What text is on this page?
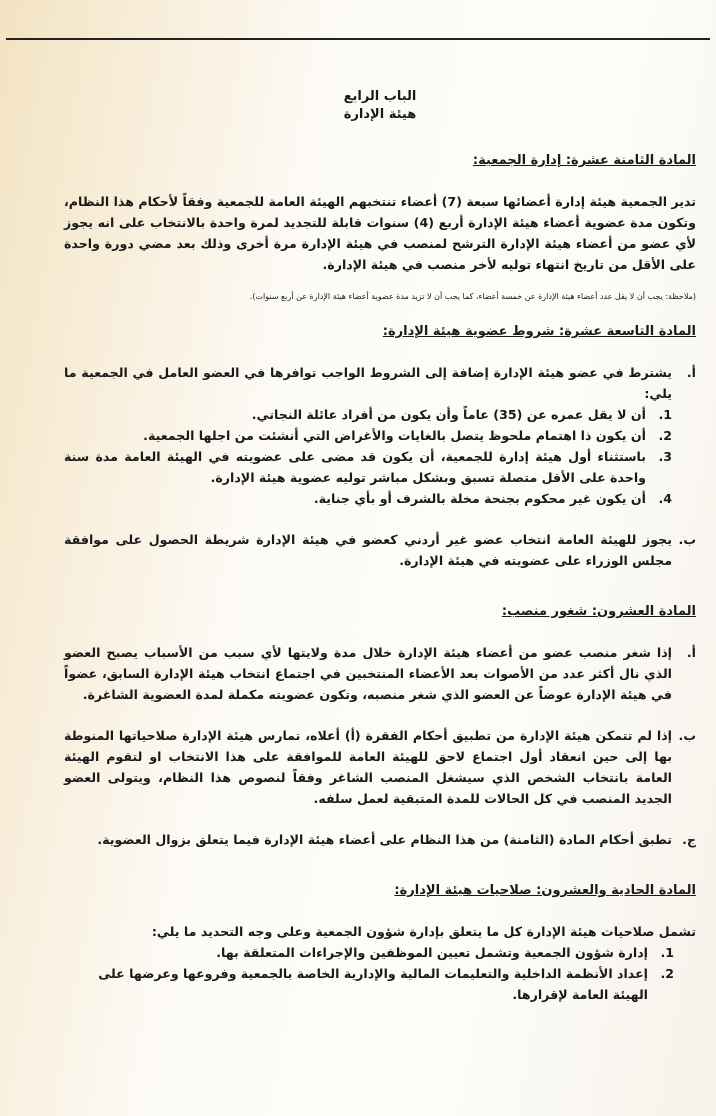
الباب الرابع
هيئة الإدارة

المادة الثامنة عشرة: إدارة الجمعية:

تدير الجمعية هيئة إدارة أعضائها سبعة (7) أعضاء تنتخبهم الهيئة العامة للجمعية وفقاً لأحكام هذا النظام، وتكون مدة عضوية أعضاء هيئة الإدارة أربع (4) سنوات قابلة للتجديد لمرة واحدة بالانتخاب على انه يجوز لأي عضو من أعضاء هيئة الإدارة الترشح لمنصب في هيئة الإدارة مرة أخرى وذلك بعد مضي دورة واحدة على الأقل من تاريخ انتهاء توليه لأخر منصب في هيئة الإدارة.

(ملاحظة: يجب أن لا يقل عدد أعضاء هيئة الإدارة عن خمسة أعضاء، كما يجب أن لا تزيد مدة عضوية أعضاء هيئة الإدارة عن أربع سنوات).

المادة التاسعة عشرة: شروط عضوية هيئة الإدارة:

أ.
يشترط في عضو هيئة الإدارة إضافة إلى الشروط الواجب توافرها في العضو العامل في الجمعية ما يلي:
1.
أن لا يقل عمره عن (35) عاماً وأن يكون من أفراد عائلة النجاتي.
2.
أن يكون ذا اهتمام ملحوظ يتصل بالغايات والأغراض التي أنشئت من اجلها الجمعية.
3.
باستثناء أول هيئة إدارة للجمعية، أن يكون قد مضى على عضويته في الهيئة العامة مدة سنة واحدة على الأقل متصلة تسبق وبشكل مباشر توليه عضوية هيئة الإدارة.
4.
أن يكون غير محكوم بجنحة مخلة بالشرف أو بأي جناية.
ب.
يجوز للهيئة العامة انتخاب عضو غير أردني كعضو في هيئة الإدارة شريطة الحصول على موافقة مجلس الوزراء على عضويته في هيئة الإدارة.

المادة العشرون: شغور منصب:

أ.
إذا شغر منصب عضو من أعضاء هيئة الإدارة خلال مدة ولايتها لأي سبب من الأسباب يصبح العضو الذي نال أكثر عدد من الأصوات بعد الأعضاء المنتخبين في اجتماع انتخاب هيئة الإدارة السابق، عضواً في هيئة الإدارة عوضاً عن العضو الذي شغر منصبه، وتكون عضويته مكملة لمدة العضوية الشاغرة.
ب.
إذا لم تتمكن هيئة الإدارة من تطبيق أحكام الفقرة (أ) أعلاه، تمارس هيئة الإدارة صلاحياتها المنوطة بها إلى حين انعقاد أول اجتماع لاحق للهيئة العامة للموافقة على هذا الانتخاب او لتقوم الهيئة العامة بانتخاب الشخص الذي سيشغل المنصب الشاغر وفقاً لنصوص هذا النظام، ويتولى العضو الجديد المنصب في كل الحالات للمدة المتبقية لعمل سلفه.
ج.
تطبق أحكام المادة (الثامنة) من هذا النظام على أعضاء هيئة الإدارة فيما يتعلق بزوال العضوية.

المادة الحادية والعشرون: صلاحيات هيئة الإدارة:

تشمل صلاحيات هيئة الإدارة كل ما يتعلق بإدارة شؤون الجمعية وعلى وجه التحديد ما يلي:

1.
إدارة شؤون الجمعية وتشمل تعيين الموظفين والإجراءات المتعلقة بها.
2.
إعداد الأنظمة الداخلية والتعليمات المالية والإدارية الخاصة بالجمعية وفروعها وعرضها على الهيئة العامة لإقرارها.
